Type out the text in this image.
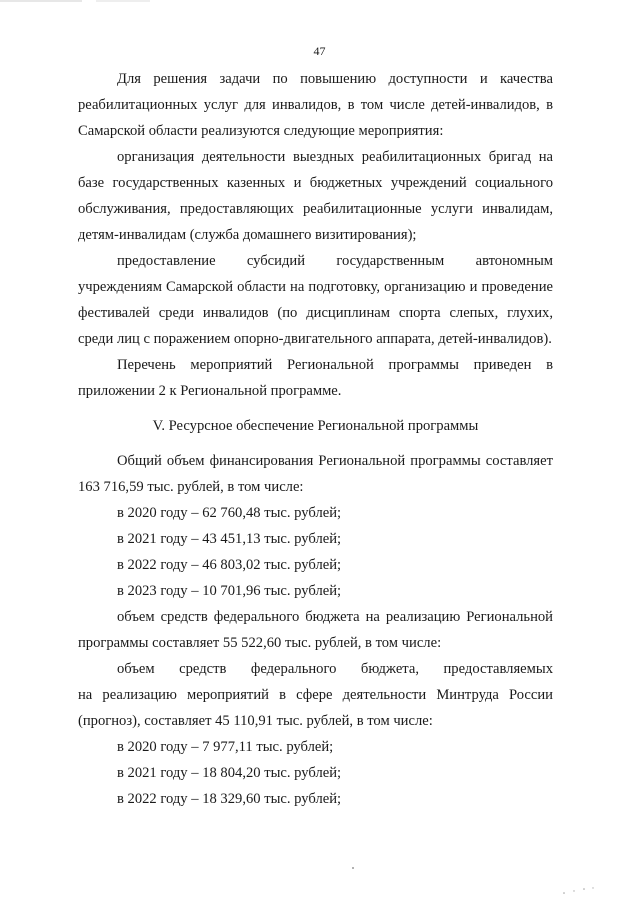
47

Для решения задачи по повышению доступности и качества реабилитационных услуг для инвалидов, в том числе детей-инвалидов, в Самарской области реализуются следующие мероприятия:

организация деятельности выездных реабилитационных бригад на базе государственных казенных и бюджетных учреждений социального обслуживания, предоставляющих реабилитационные услуги инвалидам, детям-инвалидам (служба домашнего визитирования);

предоставление субсидий государственным автономным
учреждениям Самарской области на подготовку, организацию и проведение фестивалей среди инвалидов (по дисциплинам спорта слепых, глухих, среди лиц с поражением опорно-двигательного аппарата, детей-инвалидов).

Перечень мероприятий Региональной программы приведен в приложении 2 к Региональной программе.

V. Ресурсное обеспечение Региональной программы

Общий объем финансирования Региональной программы составляет 163 716,59 тыс. рублей, в том числе:

в 2020 году – 62 760,48 тыс. рублей;

в 2021 году – 43 451,13 тыс. рублей;

в 2022 году – 46 803,02 тыс. рублей;

в 2023 году – 10 701,96 тыс. рублей;

объем средств федерального бюджета на реализацию Региональной программы составляет 55 522,60 тыс. рублей, в том числе:

объем средств федерального бюджета, предоставляемых
на реализацию мероприятий в сфере деятельности Минтруда России (прогноз), составляет 45 110,91 тыс. рублей, в том числе:

в 2020 году – 7 977,11 тыс. рублей;

в 2021 году – 18 804,20 тыс. рублей;

в 2022 году – 18 329,60 тыс. рублей;
